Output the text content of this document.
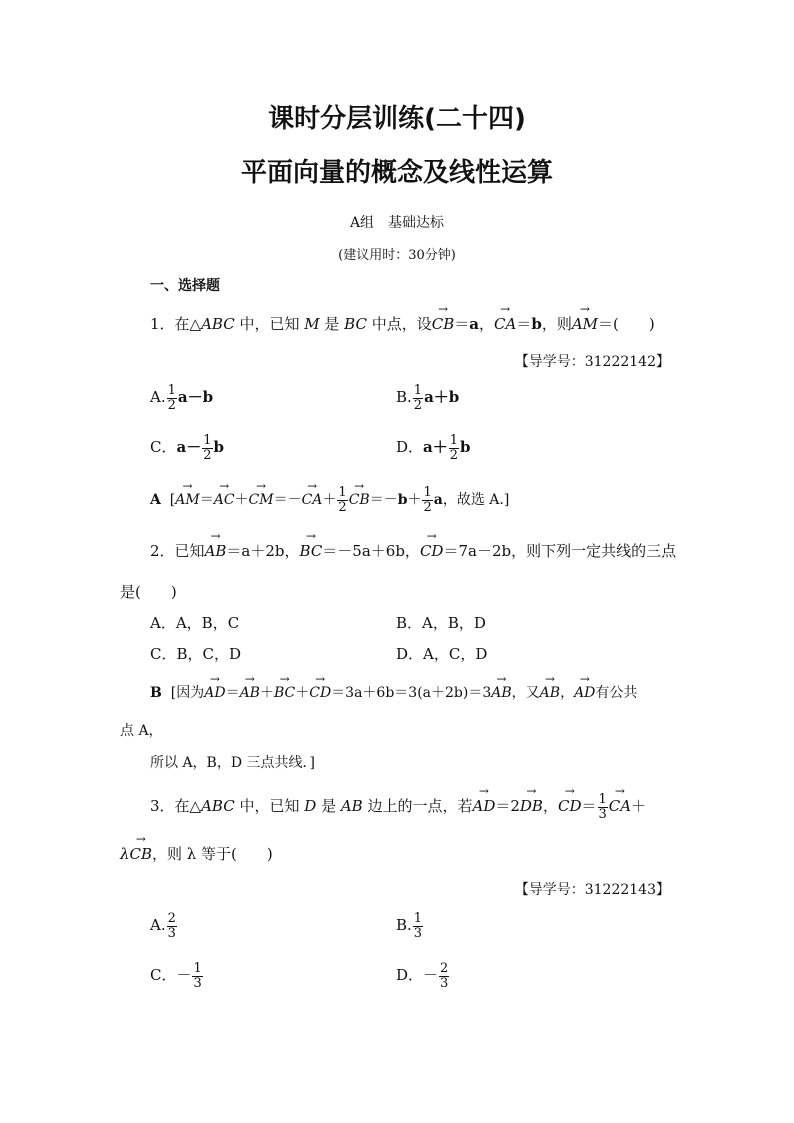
课时分层训练(二十四)
平面向量的概念及线性运算
A组　基础达标
(建议用时：30分钟)
一、选择题
1．在△ABC 中，已知 M 是 BC 中点，设→ CB＝a，→ CA＝b，则→ AM＝(　　)
【导学号：31222142】
A. $\frac{1}{2} a-b$	B. $\frac{1}{2} a+b$
C．$a- \frac{1}{2}$ b	D．$a+ \frac{1}{2}$ b
A [→ $AM=\to AC+\to CM=-\to CA+ \frac{1}{2}$
→ $CB=-b+ \frac{1}{2}$ a，故选 A.]
2．已知→ AB＝a＋2b，→ BC＝－5a＋6b，→ CD＝7a－2b，则下列一定共线的三点
是(　　)
A．A，B，C	B．A，B，D
C．B，C，D	D．A，C，D
B [因为→ AD＝→ AB＋→ BC＋→ CD＝3a＋6b＝3(a＋2b)＝3→ AB，又→ AB，→ AD有公共
点 A，
所以 A，B，D 三点共线．]
3．在△ABC 中，已知 D 是 AB 边上的一点，若→ AD＝2→ DB，→ $CD= \frac{1}{3}$
→ CA＋
λ→ CB，则 λ 等于(　　)
【导学号：31222143】
A. $\frac{2}{3}$	B. $\frac{1}{3}$
C．－ $\frac{1}{3}$	D．－ $\frac{2}{3}$
